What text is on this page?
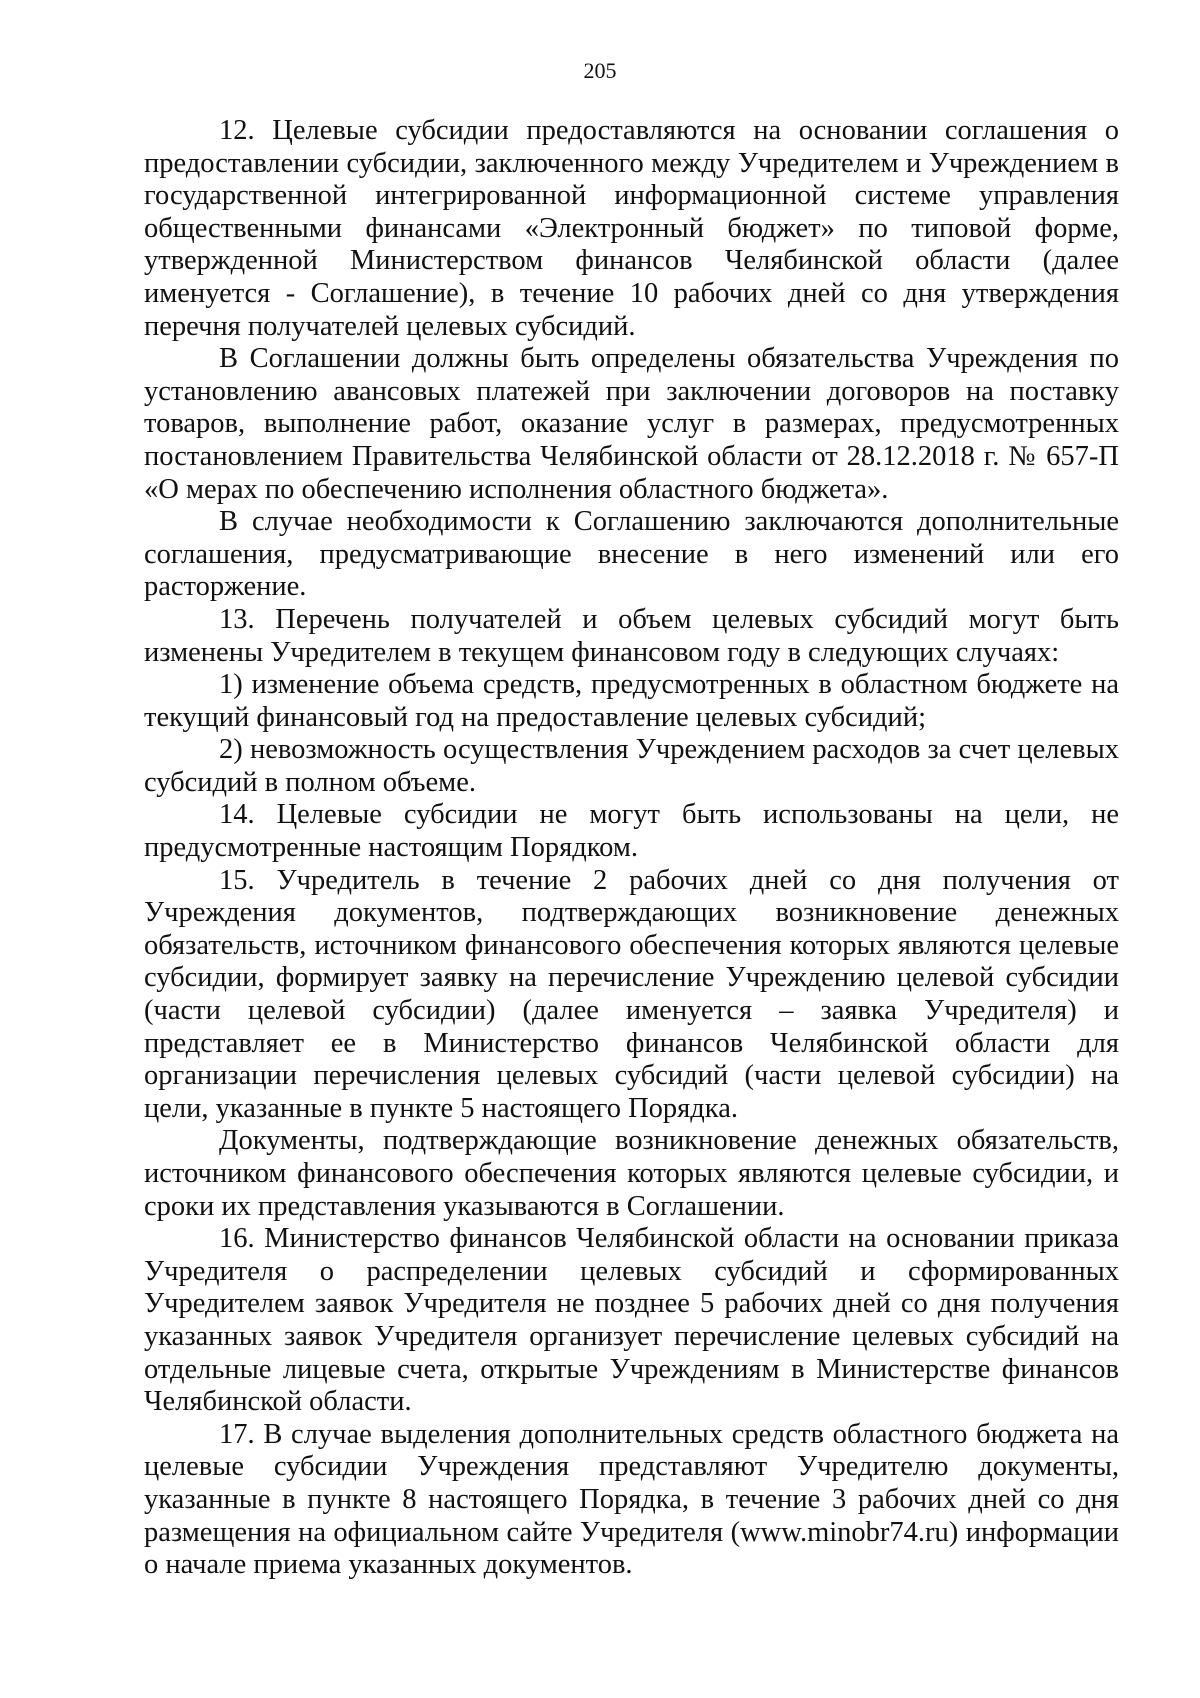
205

12. Целевые субсидии предоставляются на основании соглашения о предоставлении субсидии, заключенного между Учредителем и Учреждением в государственной интегрированной информационной системе управления общественными финансами «Электронный бюджет» по типовой форме, утвержденной Министерством финансов Челябинской области (далее именуется - Соглашение), в течение 10 рабочих дней со дня утверждения перечня получателей целевых субсидий.

В Соглашении должны быть определены обязательства Учреждения по установлению авансовых платежей при заключении договоров на поставку товаров, выполнение работ, оказание услуг в размерах, предусмотренных постановлением Правительства Челябинской области от 28.12.2018 г. № 657-П «О мерах по обеспечению исполнения областного бюджета».

В случае необходимости к Соглашению заключаются дополнительные соглашения, предусматривающие внесение в него изменений или его расторжение.

13. Перечень получателей и объем целевых субсидий могут быть изменены Учредителем в текущем финансовом году в следующих случаях:

1) изменение объема средств, предусмотренных в областном бюджете на текущий финансовый год на предоставление целевых субсидий;

2) невозможность осуществления Учреждением расходов за счет целевых субсидий в полном объеме.

14. Целевые субсидии не могут быть использованы на цели, не предусмотренные настоящим Порядком.

15. Учредитель в течение 2 рабочих дней со дня получения от Учреждения документов, подтверждающих возникновение денежных обязательств, источником финансового обеспечения которых являются целевые субсидии, формирует заявку на перечисление Учреждению целевой субсидии (части целевой субсидии) (далее именуется – заявка Учредителя) и представляет ее в Министерство финансов Челябинской области для организации перечисления целевых субсидий (части целевой субсидии) на цели, указанные в пункте 5 настоящего Порядка.

Документы, подтверждающие возникновение денежных обязательств, источником финансового обеспечения которых являются целевые субсидии, и сроки их представления указываются в Соглашении.

16. Министерство финансов Челябинской области на основании приказа Учредителя о распределении целевых субсидий и сформированных Учредителем заявок Учредителя не позднее 5 рабочих дней со дня получения указанных заявок Учредителя организует перечисление целевых субсидий на отдельные лицевые счета, открытые Учреждениям в Министерстве финансов Челябинской области.

17. В случае выделения дополнительных средств областного бюджета на целевые субсидии Учреждения представляют Учредителю документы, указанные в пункте 8 настоящего Порядка, в течение 3 рабочих дней со дня размещения на официальном сайте Учредителя (www.minobr74.ru) информации о начале приема указанных документов.
